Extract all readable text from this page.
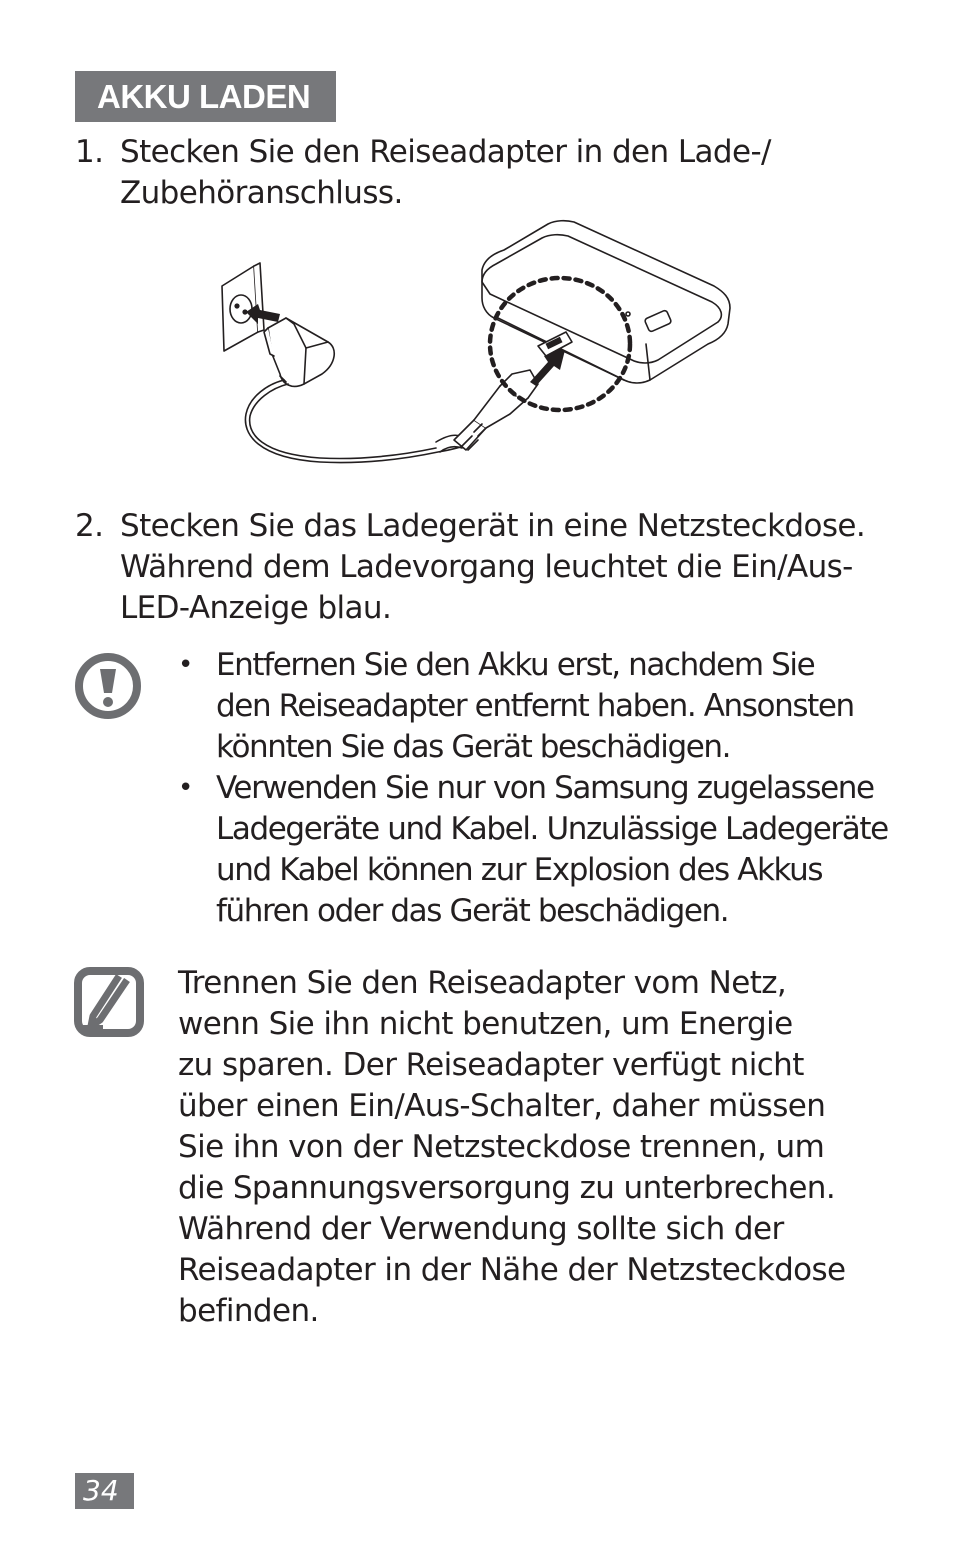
AKKU LADEN
1. Stecken Sie den Reiseadapter in den Lade-/
Zubehöranschluss.
2. Stecken Sie das Ladegerät in eine Netzsteckdose.
Während dem Ladevorgang leuchtet die Ein/Aus-
LED-Anzeige blau.
• Entfernen Sie den Akku erst, nachdem Sie
den Reiseadapter entfernt haben. Ansonsten
könnten Sie das Gerät beschädigen.
• Verwenden Sie nur von Samsung zugelassene
Ladegeräte und Kabel. Unzulässige Ladegeräte
und Kabel können zur Explosion des Akkus
führen oder das Gerät beschädigen.
Trennen Sie den Reiseadapter vom Netz,
wenn Sie ihn nicht benutzen, um Energie
zu sparen. Der Reiseadapter verfügt nicht
über einen Ein/Aus-Schalter, daher müssen
Sie ihn von der Netzsteckdose trennen, um
die Spannungsversorgung zu unterbrechen.
Während der Verwendung sollte sich der
Reiseadapter in der Nähe der Netzsteckdose
befinden.
34
